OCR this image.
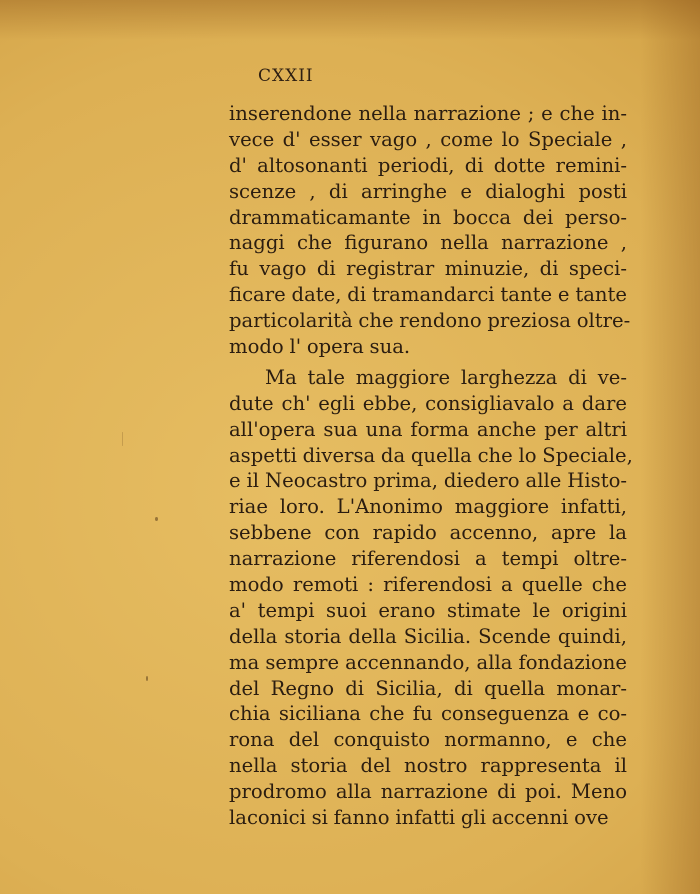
CXXII
inserendone nella narrazione ; e che in-
vece d' esser vago , come lo Speciale ,
d' altosonanti periodi, di dotte remini-
scenze , di arringhe e dialoghi posti
drammaticamante in bocca dei perso-
naggi che figurano nella narrazione ,
fu vago di registrar minuzie, di speci-
ficare date, di tramandarci tante e tante
particolarità che rendono preziosa oltre-
modo l' opera sua.
Ma tale maggiore larghezza di ve-
dute ch' egli ebbe, consigliavalo a dare
all'opera sua una forma anche per altri
aspetti diversa da quella che lo Speciale,
e il Neocastro prima, diedero alle Histo-
riae loro. L'Anonimo maggiore infatti,
sebbene con rapido accenno, apre la
narrazione riferendosi a tempi oltre-
modo remoti : riferendosi a quelle che
a' tempi suoi erano stimate le origini
della storia della Sicilia. Scende quindi,
ma sempre accennando, alla fondazione
del Regno di Sicilia, di quella monar-
chia siciliana che fu conseguenza e co-
rona del conquisto normanno, e che
nella storia del nostro rappresenta il
prodromo alla narrazione di poi. Meno
laconici si fanno infatti gli accenni ove
